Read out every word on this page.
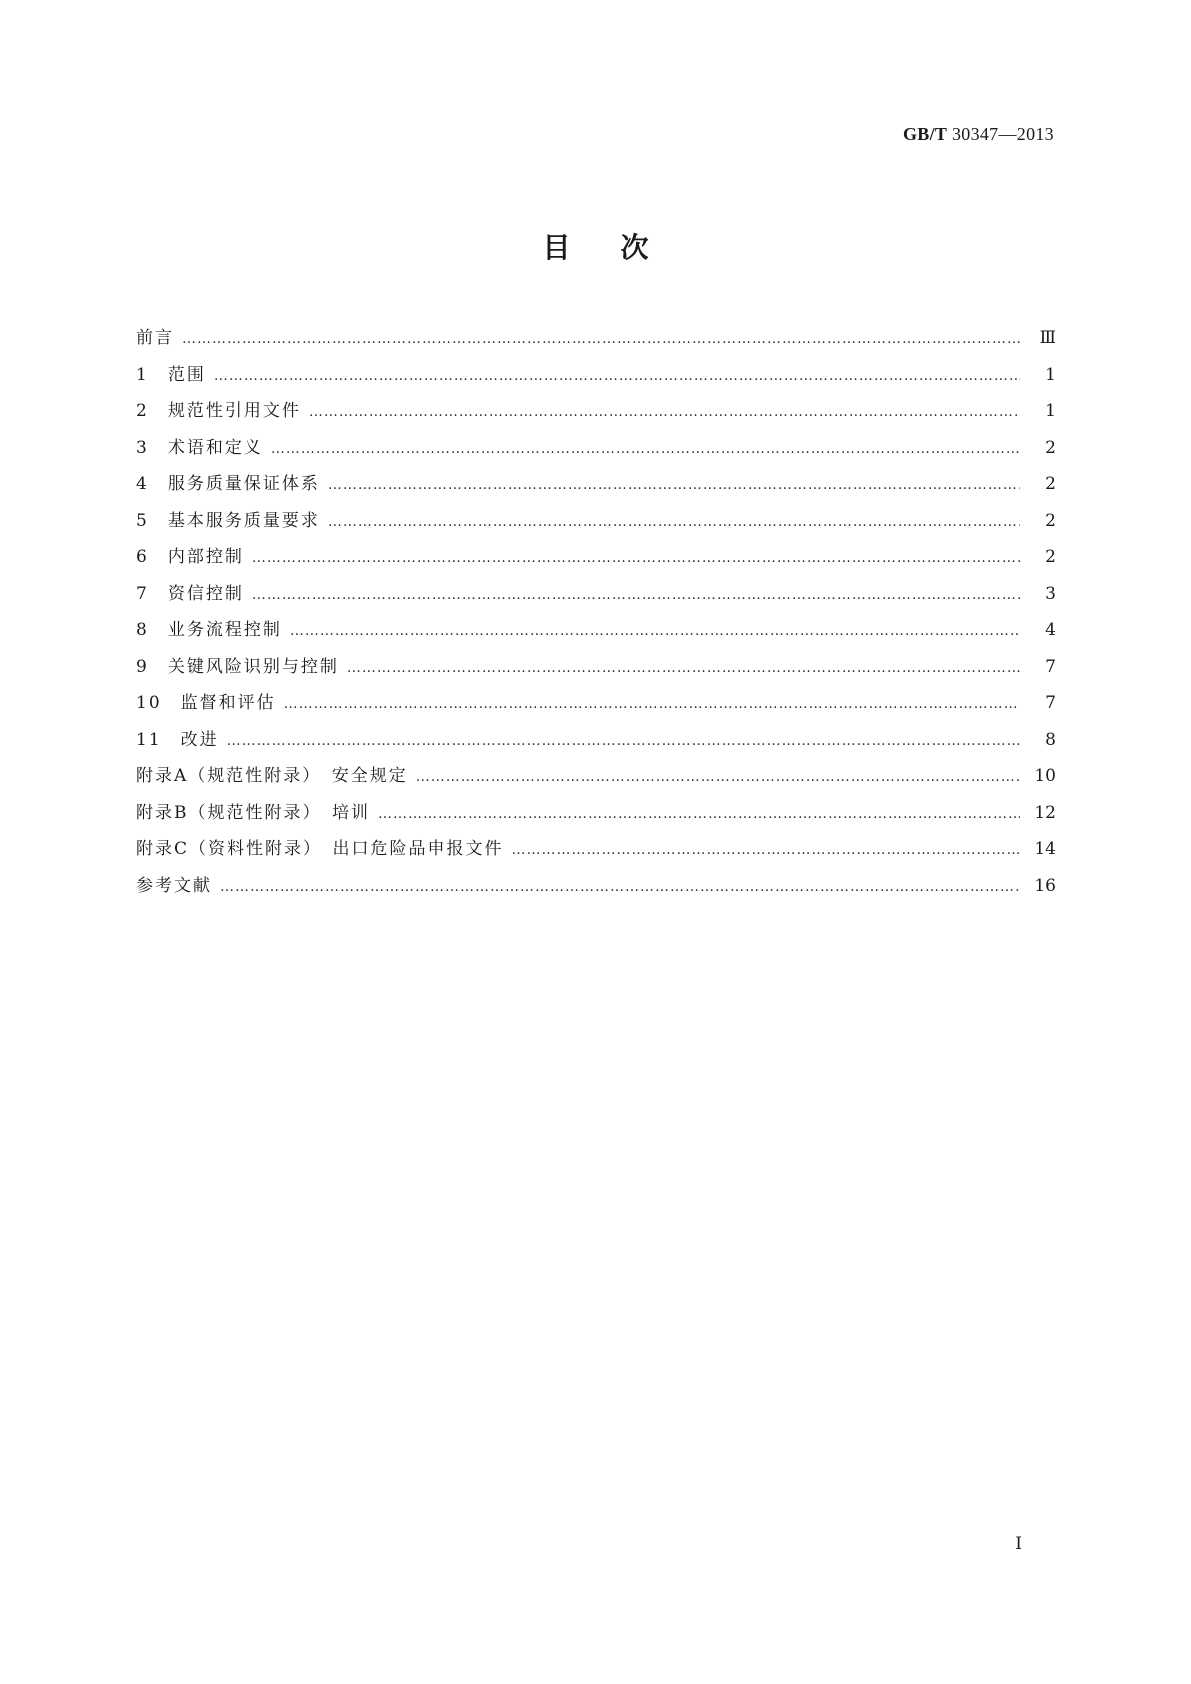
GB/T 30347—2013
目次
前言 ……………………………………………………………………………………………………………………………………………………………………………………	Ⅲ
1　范围 ……………………………………………………………………………………………………………………………………………………………………………………	1
2　规范性引用文件 ……………………………………………………………………………………………………………………………………………………………………………………	1
3　术语和定义 ……………………………………………………………………………………………………………………………………………………………………………………	2
4　服务质量保证体系 ……………………………………………………………………………………………………………………………………………………………………………………	2
5　基本服务质量要求 ……………………………………………………………………………………………………………………………………………………………………………………	2
6　内部控制 ……………………………………………………………………………………………………………………………………………………………………………………	2
7　资信控制 ……………………………………………………………………………………………………………………………………………………………………………………	3
8　业务流程控制 ……………………………………………………………………………………………………………………………………………………………………………………	4
9　关键风险识别与控制 ……………………………………………………………………………………………………………………………………………………………………………………	7
10　监督和评估 ……………………………………………………………………………………………………………………………………………………………………………………	7
11　改进 ……………………………………………………………………………………………………………………………………………………………………………………	8
附录A（规范性附录）　安全规定 ……………………………………………………………………………………………………………………………………………………………………………………	10
附录B（规范性附录）　培训 ……………………………………………………………………………………………………………………………………………………………………………………	12
附录C（资料性附录）　出口危险品申报文件 ……………………………………………………………………………………………………………………………………………………………………………………	14
参考文献 ……………………………………………………………………………………………………………………………………………………………………………………	16
I
